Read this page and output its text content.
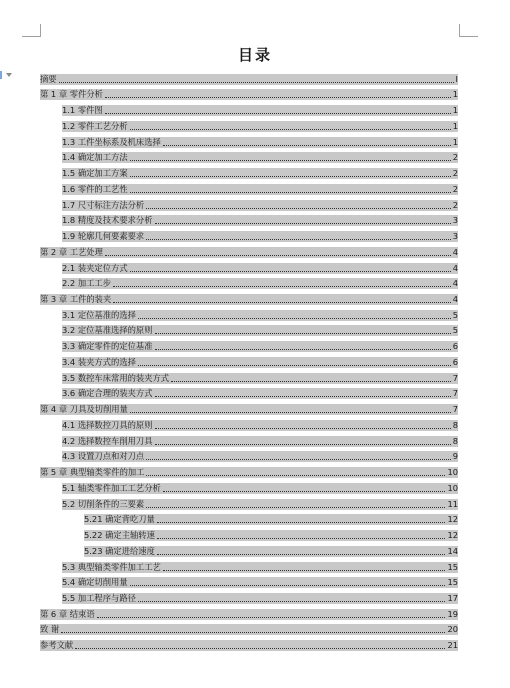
目录
摘要	I
第 1 章 零件分析	1
1.1 零件图	1
1.2 零件工艺分析	1
1.3 工件坐标系及机床选择	1
1.4 确定加工方法	2
1.5 确定加工方案	2
1.6 零件的工艺性	2
1.7 尺寸标注方法分析	2
1.8 精度及技术要求分析	3
1.9 轮廓几何要素要求	3
第 2 章 工艺处理	4
2.1 装夹定位方式	4
2.2 加工工步	4
第 3 章 工件的装夹	4
3.1 定位基准的选择	5
3.2 定位基准选择的原则	5
3.3 确定零件的定位基准	6
3.4 装夹方式的选择	6
3.5 数控车床常用的装夹方式	7
3.6 确定合理的装夹方式	7
第 4 章 刀具及切削用量	7
4.1 选择数控刀具的原则	8
4.2 选择数控车削用刀具	8
4.3 设置刀点和对刀点	9
第 5 章 典型轴类零件的加工	10
5.1 轴类零件加工工艺分析	10
5.2 切削条件的三要素	11
5.21 确定背吃刀量	12
5.22 确定主轴转速	12
5.23 确定进给速度	14
5.3 典型轴类零件加工工艺	15
5.4 确定切削用量	15
5.5 加工程序与路径	17
第 6 章 结束语	19
致 谢	20
参考文献	21
